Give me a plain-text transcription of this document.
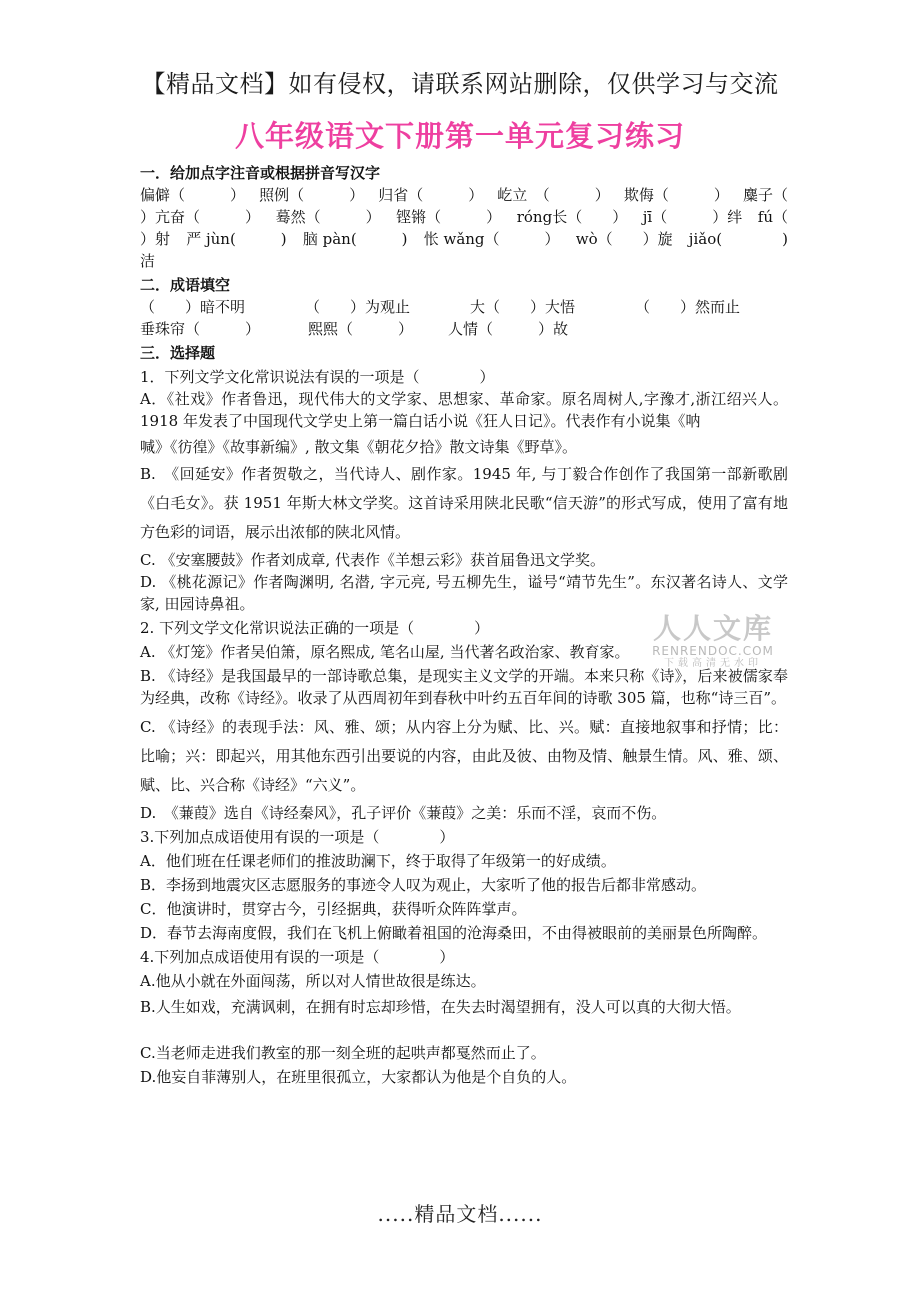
【精品文档】如有侵权，请联系网站删除，仅供学习与交流
八年级语文下册第一单元复习练习

一．给加点字注音或根据拼音写汉字

偏僻（　　　） 照例（　　　） 归省（　　　） 屹立　（　　　） 欺侮（　　　） 麋子（
）亢奋（　　　） 蓦然（　　　） 铿锵（　　　） róng长（　　） jī（　　　）绊 fú（
）射 严 jùn(　　　) 脑 pàn(　　　) 怅 wǎng（　　　） wò（　　）旋 jiǎo(　　　　)

洁

二．成语填空

（　　）暗不明	（　　）为观止	大（　　）大悟	（　　）然而止
垂珠帘（　　　）	熙熙（　　　）	人情（　　　）故

三．选择题

1．下列文学文化常识说法有误的一项是（　　　　）

A．《社戏》作者鲁迅，现代伟大的文学家、思想家、革命家。原名周树人,字豫才,浙江绍兴人。1918 年发表了中国现代文学史上第一篇白话小说《狂人日记》。代表作有小说集《呐

喊》《彷徨》《故事新编》, 散文集《朝花夕拾》散文诗集《野草》。

B.　《回延安》作者贺敬之，当代诗人、剧作家。1945 年, 与丁毅合作创作了我国第一部新歌剧《白毛女》。获 1951 年斯大林文学奖。这首诗采用陕北民歌“信天游”的形式写成，使用了富有地方色彩的词语，展示出浓郁的陕北风情。

C. 《安塞腰鼓》作者刘成章, 代表作《羊想云彩》获首届鲁迅文学奖。

D. 《桃花源记》作者陶渊明, 名潜, 字元亮, 号五柳先生，谥号“靖节先生”。东汉著名诗人、文学家, 田园诗鼻祖。

2. 下列文学文化常识说法正确的一项是（　　　　）

A. 《灯笼》作者吴伯箫，原名熙成, 笔名山屋, 当代著名政治家、教育家。

B. 《诗经》是我国最早的一部诗歌总集，是现实主义文学的开端。本来只称《诗》，后来被儒家奉为经典，改称《诗经》。收录了从西周初年到春秋中叶约五百年间的诗歌 305 篇，也称“诗三百”。

C. 《诗经》的表现手法：风、雅、颂；从内容上分为赋、比、兴。赋：直接地叙事和抒情；比：比喻；兴：即起兴，用其他东西引出要说的内容，由此及彼、由物及情、触景生情。风、雅、颂、赋、比、兴合称《诗经》“六义”。

D.　《蒹葭》选自《诗经秦风》，孔子评价《蒹葭》之美：乐而不淫，哀而不伤。

3.下列加点成语使用有误的一项是（　　　　）

A．他们班在任课老师们的推波助澜下，终于取得了年级第一的好成绩。

B．李扬到地震灾区志愿服务的事迹令人叹为观止，大家听了他的报告后都非常感动。

C．他演讲时，贯穿古今，引经据典，获得听众阵阵掌声。

D．春节去海南度假，我们在飞机上俯瞰着祖国的沧海桑田，不由得被眼前的美丽景色所陶醉。

4.下列加点成语使用有误的一项是（　　　　）

A.他从小就在外面闯荡，所以对人情世故很是练达。

B.人生如戏，充满讽刺，在拥有时忘却珍惜，在失去时渴望拥有，没人可以真的大彻大悟。

C.当老师走进我们教室的那一刻全班的起哄声都戛然而止了。

D.他妄自菲薄别人，在班里很孤立，大家都认为他是个自负的人。

人人文库
RENRENDOC.COM
下载高清无水印
.....精品文档......
